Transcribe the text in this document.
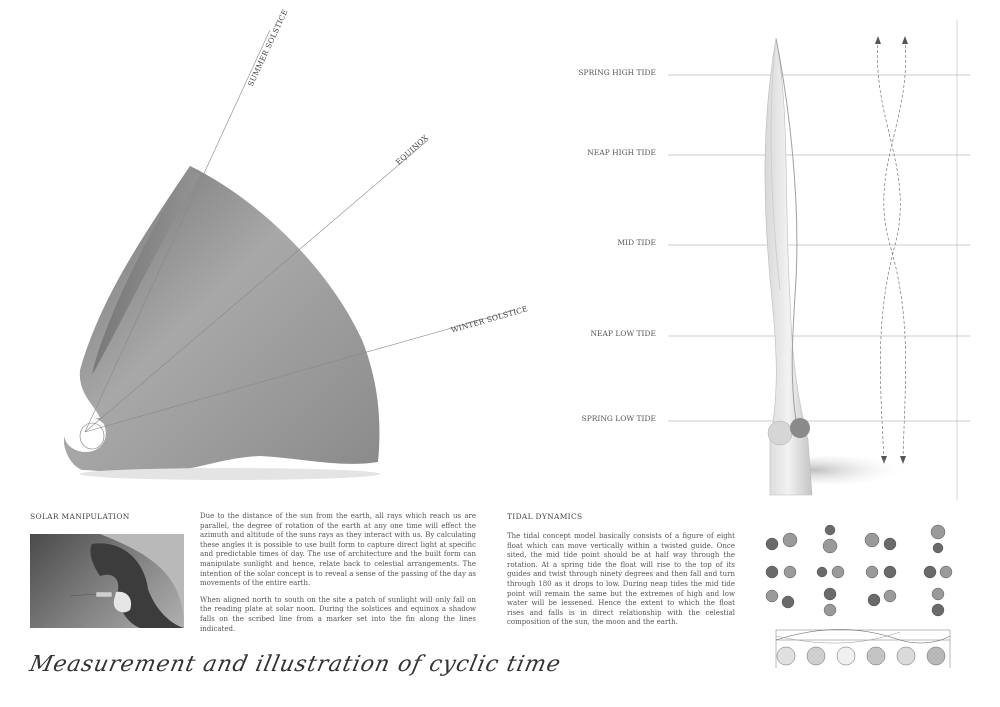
SUMMER SOLSTICE
EQUINOX
WINTER SOLSTICE
SPRING HIGH TIDE
NEAP HIGH TIDE
MID TIDE
NEAP LOW TIDE
SPRING LOW TIDE
SOLAR MANIPULATION	Due to the distance of the sun from the earth, all rays which reach us are parallel, the degree of rotation of the earth at any one time will effect the azimuth and altitude of the suns rays as they interact with us. By calculating these angles it is possible to use built form to capture direct light at specific and predictable times of day. The use of architecture and the built form can manipulate sunlight and hence, relate back to celestial arrangements. The intention of the solar concept is to reveal a sense of the passing of the day as movements of the entire earth.

When aligned north to south on the site a patch of sunlight will only fall on the reading plate at solar noon. During the solstices and equinox a shadow falls on the scribed line from a marker set into the fin along the lines indicated.

TIDAL DYNAMICS

The tidal concept model basically consists of a figure of eight float which can move vertically within a twisted guide. Once sited, the mid tide point should be at half way through the rotation. At a spring tide the float will rise to the top of its guides and twist through ninety degrees and then fall and turn through 180 as it drops to low. During neap tides the mid tide point will remain the same but the extremes of high and low water will be lessened. Hence the extent to which the float rises and falls is in direct relationship with the celestial composition of the sun, the moon and the earth.

Measurement and illustration of cyclic time
